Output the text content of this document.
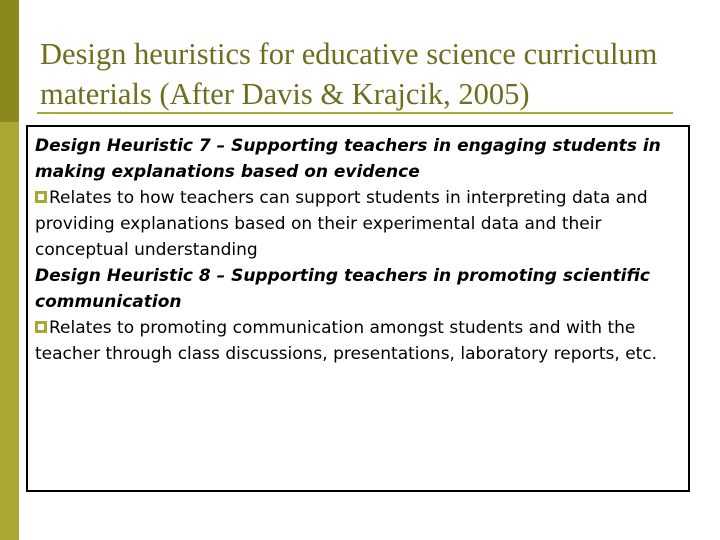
Design heuristics for educative science curriculum materials (After Davis & Krajcik, 2005)

Design Heuristic 7 – Supporting teachers in engaging students in making explanations based on evidence

Relates to how teachers can support students in interpreting data and providing explanations based on their experimental data and their conceptual understanding

Design Heuristic 8 – Supporting teachers in promoting scientific communication

Relates to promoting communication amongst students and with the teacher through class discussions, presentations, laboratory reports, etc.
